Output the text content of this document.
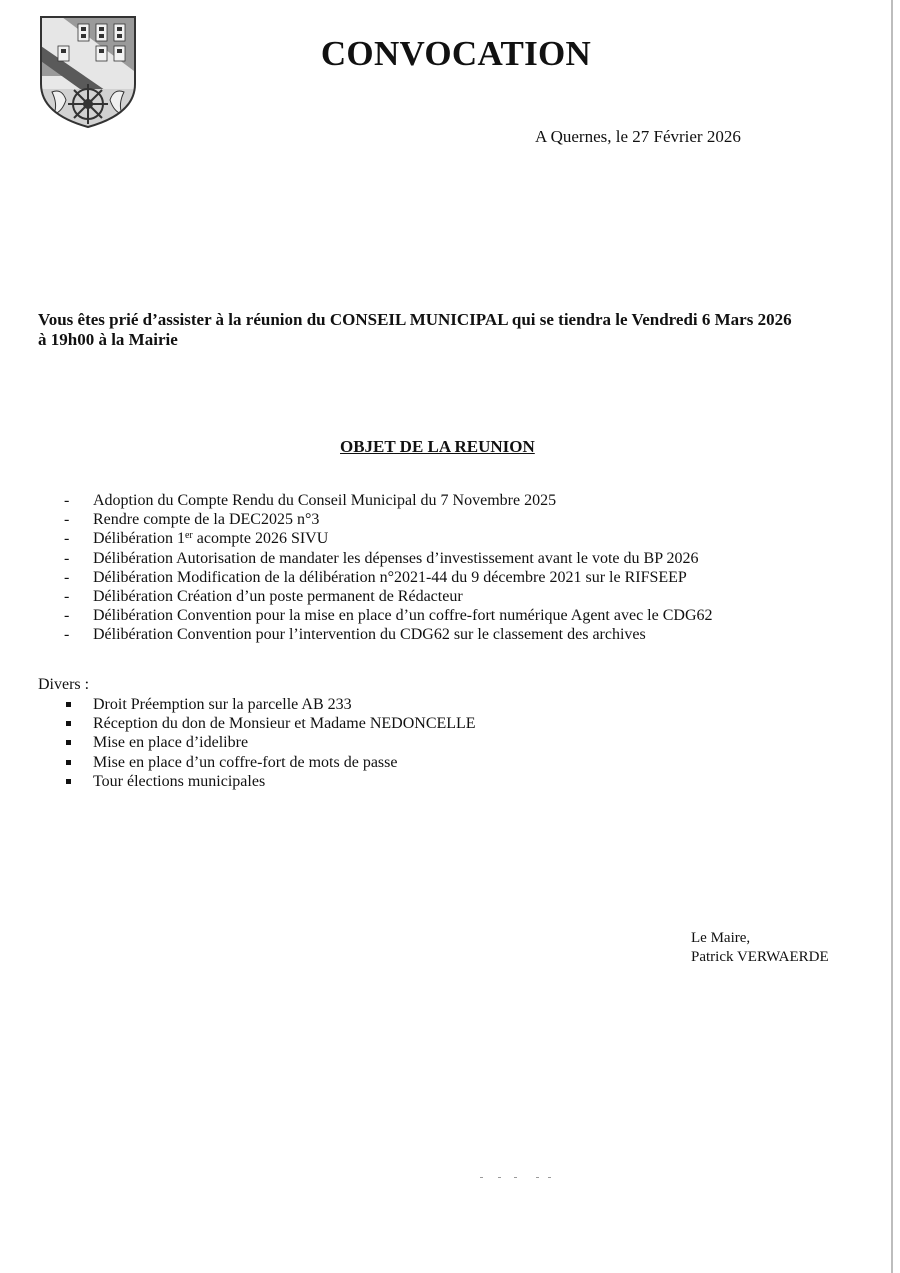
CONVOCATION
A Quernes, le 27 Février 2026

Vous êtes prié d’assister à la réunion du CONSEIL MUNICIPAL qui se tiendra le Vendredi 6 Mars 2026
à 19h00 à la Mairie

OBJET DE LA REUNION
- Adoption du Compte Rendu du Conseil Municipal du 7 Novembre 2025
- Rendre compte de la DEC2025 n°3
- Délibération 1er acompte 2026 SIVU
- Délibération Autorisation de mandater les dépenses d’investissement avant le vote du BP 2026
- Délibération Modification de la délibération n°2021-44 du 9 décembre 2021 sur le RIFSEEP
- Délibération Création d’un poste permanent de Rédacteur
- Délibération Convention pour la mise en place d’un coffre-fort numérique Agent avec le CDG62
- Délibération Convention pour l’intervention du CDG62 sur le classement des archives
Divers :
Droit Préemption sur la parcelle AB 233
Réception du don de Monsieur et Madame NEDONCELLE
Mise en place d’idelibre
Mise en place d’un coffre-fort de mots de passe
Tour élections municipales
Le Maire,
Patrick VERWAERDE
